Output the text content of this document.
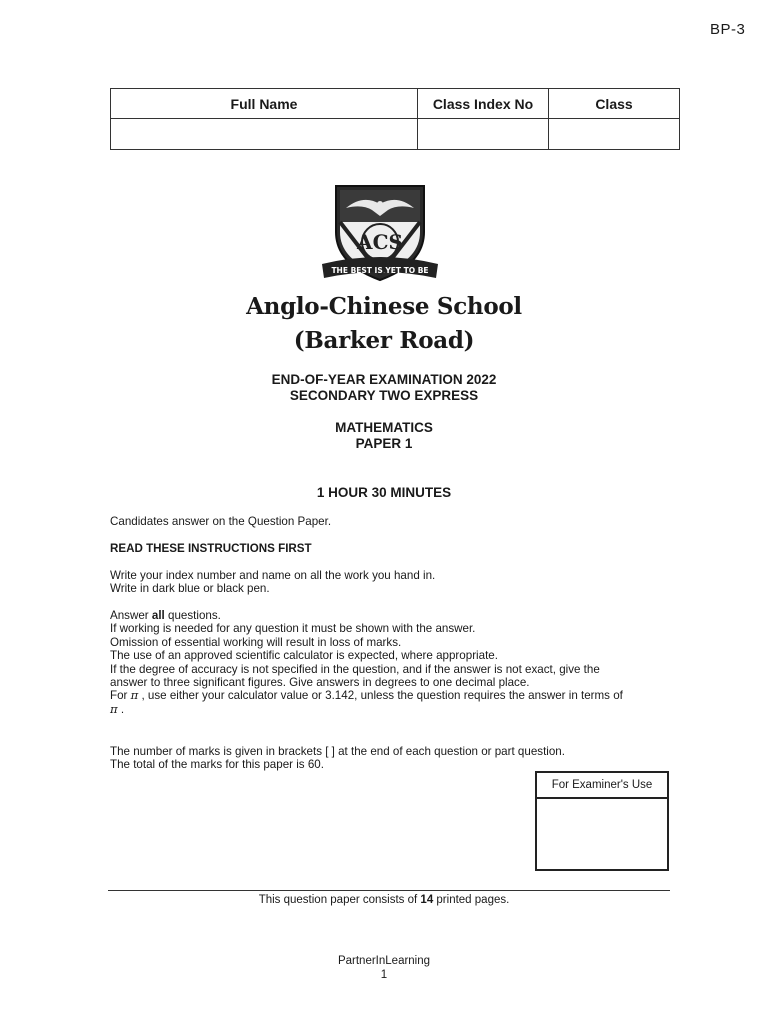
BP-3
Full Name	Class Index No	Class

ACS
THE BEST IS YET TO BE
Anglo-Chinese School
(Barker Road)
END-OF-YEAR EXAMINATION 2022
SECONDARY TWO EXPRESS
MATHEMATICS
PAPER 1
1 HOUR 30 MINUTES
Candidates answer on the Question Paper.
READ THESE INSTRUCTIONS FIRST

Write your index number and name on all the work you hand in.

Write in dark blue or black pen.

Answer all questions.

If working is needed for any question it must be shown with the answer.

Omission of essential working will result in loss of marks.

The use of an approved scientific calculator is expected, where appropriate.

If the degree of accuracy is not specified in the question, and if the answer is not exact, give the

answer to three significant figures. Give answers in degrees to one decimal place.

For π , use either your calculator value or 3.142, unless the question requires the answer in terms of

π .

The number of marks is given in brackets [ ] at the end of each question or part question.

The total of the marks for this paper is 60.

For Examiner's Use
This question paper consists of 14 printed pages.
PartnerInLearning
1
